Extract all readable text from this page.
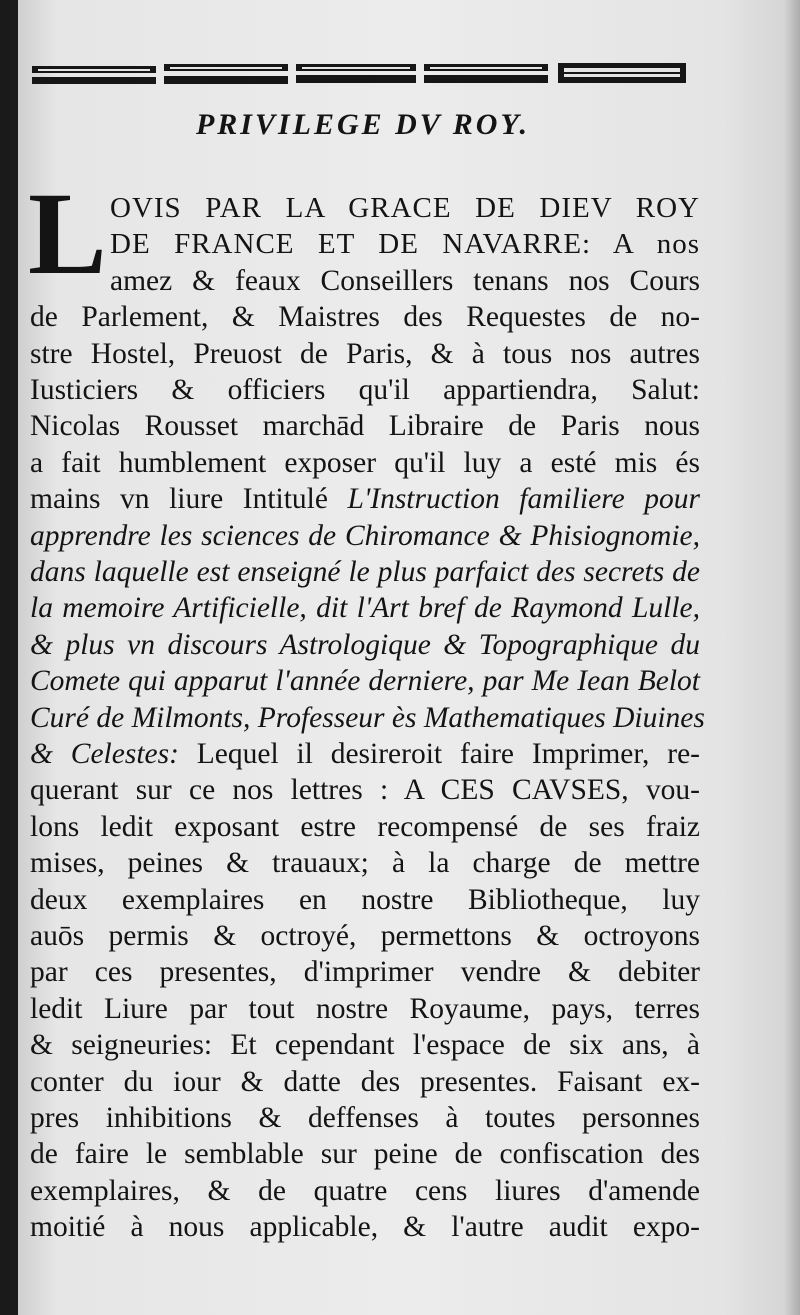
PRIVILEGE DV ROY.
L OVIS PAR LA GRACE DE DIEV ROY
DE FRANCE ET DE NAVARRE: A nos
amez & feaux Conseillers tenans nos Cours
de Parlement, & Maistres des Requestes de no-
stre Hostel, Preuost de Paris, & à tous nos autres
Iusticiers & officiers qu'il appartiendra, Salut:
Nicolas Rousset marchād Libraire de Paris nous
a fait humblement exposer qu'il luy a esté mis és
mains vn liure Intitulé L'Instruction familiere pour
apprendre les sciences de Chiromance & Phisiognomie,
dans laquelle est enseigné le plus parfaict des secrets de
la memoire Artificielle, dit l'Art bref de Raymond Lulle,
& plus vn discours Astrologique & Topographique du
Comete qui apparut l'année derniere, par Me Iean Belot
Curé de Milmonts, Professeur ès Mathematiques Diuines
& Celestes: Lequel il desireroit faire Imprimer, re-
querant sur ce nos lettres : A CES CAVSES, vou-
lons ledit exposant estre recompensé de ses fraiz
mises, peines & trauaux; à la charge de mettre
deux exemplaires en nostre Bibliotheque, luy
auōs permis & octroyé, permettons & octroyons
par ces presentes, d'imprimer vendre & debiter
ledit Liure par tout nostre Royaume, pays, terres
& seigneuries: Et cependant l'espace de six ans, à
conter du iour & datte des presentes. Faisant ex-
pres inhibitions & deffenses à toutes personnes
de faire le semblable sur peine de confiscation des
exemplaires, & de quatre cens liures d'amende
moitié à nous applicable, & l'autre audit expo-
